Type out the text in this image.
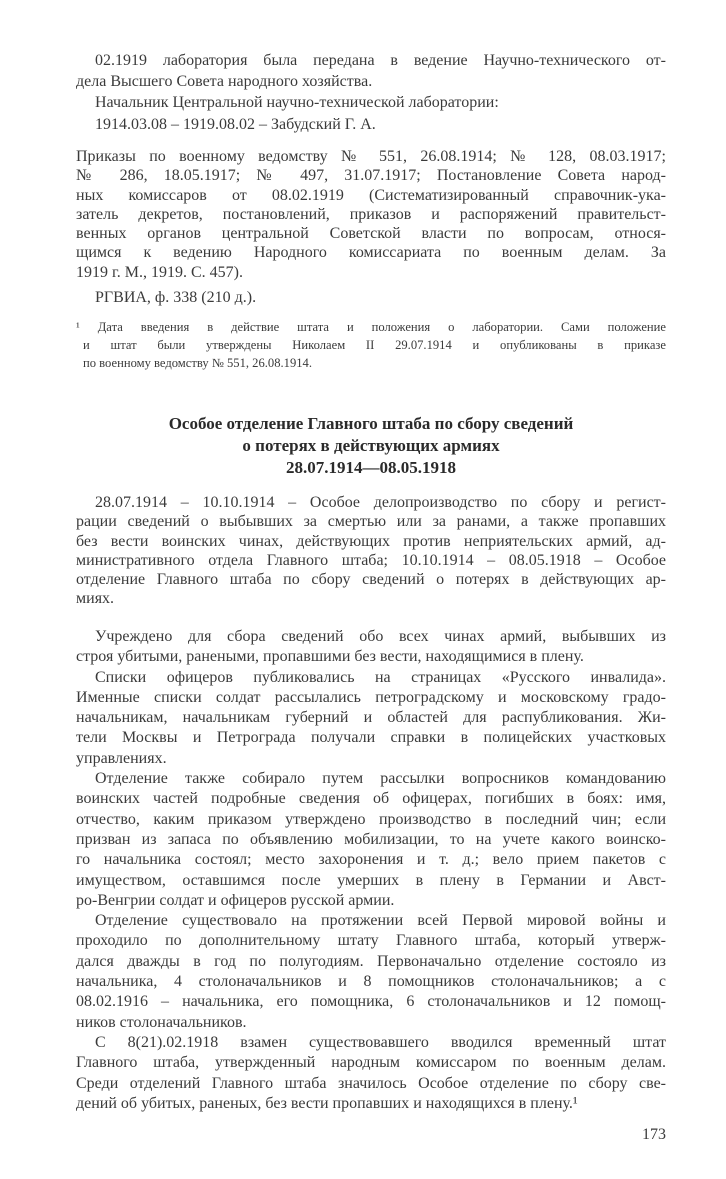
02.1919 лаборатория была передана в ведение Научно-технического от-
дела Высшего Совета народного хозяйства.
Начальник Центральной научно-технической лаборатории:
1914.03.08 – 1919.08.02 – Забудский Г. А.
Приказы по военному ведомству № 551, 26.08.1914; № 128, 08.03.1917;
№ 286, 18.05.1917; № 497, 31.07.1917; Постановление Совета народ-
ных комиссаров от 08.02.1919 (Систематизированный справочник-ука-
затель декретов, постановлений, приказов и распоряжений правительст-
венных органов центральной Советской власти по вопросам, относя-
щимся к ведению Народного комиссариата по военным делам. За
1919 г. М., 1919. С. 457).
РГВИА, ф. 338 (210 д.).
¹ Дата введения в действие штата и положения о лаборатории. Сами положение
и штат были утверждены Николаем II 29.07.1914 и опубликованы в приказе
по военному ведомству № 551, 26.08.1914.
Особое отделение Главного штаба по сбору сведений
о потерях в действующих армиях
28.07.1914—08.05.1918
28.07.1914 – 10.10.1914 – Особое делопроизводство по сбору и регист-
рации сведений о выбывших за смертью или за ранами, а также пропавших
без вести воинских чинах, действующих против неприятельских армий, ад-
министративного отдела Главного штаба; 10.10.1914 – 08.05.1918 – Особое
отделение Главного штаба по сбору сведений о потерях в действующих ар-
миях.
Учреждено для сбора сведений обо всех чинах армий, выбывших из
строя убитыми, ранеными, пропавшими без вести, находящимися в плену.
Списки офицеров публиковались на страницах «Русского инвалида».
Именные списки солдат рассылались петроградскому и московскому градо-
начальникам, начальникам губерний и областей для распубликования. Жи-
тели Москвы и Петрограда получали справки в полицейских участковых
управлениях.
Отделение также собирало путем рассылки вопросников командованию
воинских частей подробные сведения об офицерах, погибших в боях: имя,
отчество, каким приказом утверждено производство в последний чин; если
призван из запаса по объявлению мобилизации, то на учете какого воинско-
го начальника состоял; место захоронения и т. д.; вело прием пакетов с
имуществом, оставшимся после умерших в плену в Германии и Авст-
ро-Венгрии солдат и офицеров русской армии.
Отделение существовало на протяжении всей Первой мировой войны и
проходило по дополнительному штату Главного штаба, который утверж-
дался дважды в год по полугодиям. Первоначально отделение состояло из
начальника, 4 столоначальников и 8 помощников столоначальников; а с
08.02.1916 – начальника, его помощника, 6 столоначальников и 12 помощ-
ников столоначальников.
С 8(21).02.1918 взамен существовавшего вводился временный штат
Главного штаба, утвержденный народным комиссаром по военным делам.
Среди отделений Главного штаба значилось Особое отделение по сбору све-
дений об убитых, раненых, без вести пропавших и находящихся в плену.¹
173
